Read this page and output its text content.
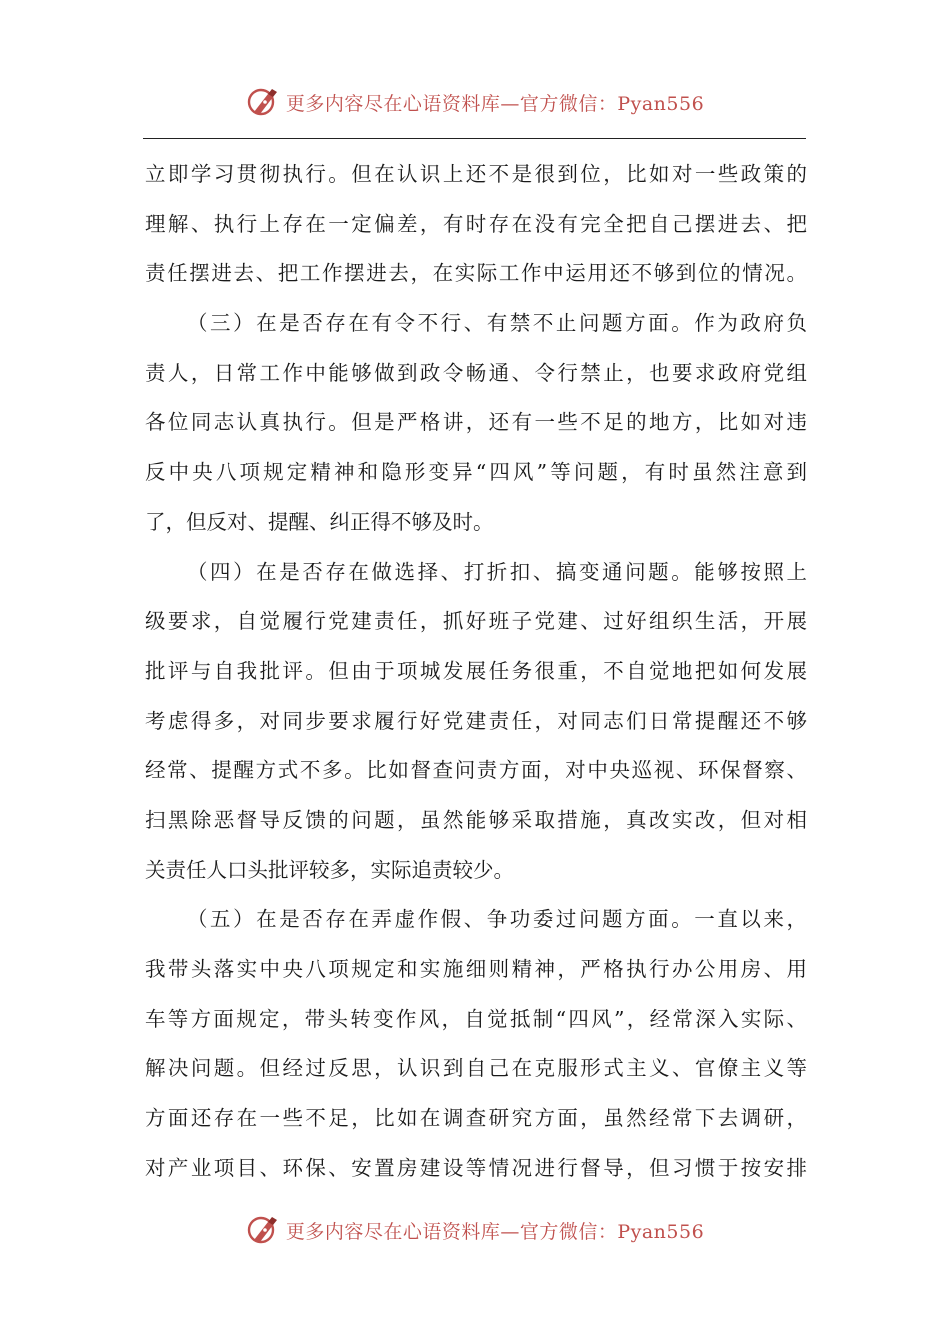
更多内容尽在心语资料库—官方微信：Pyan556
立即学习贯彻执行。但在认识上还不是很到位，比如对一些政策的
理解、执行上存在一定偏差，有时存在没有完全把自己摆进去、把
责任摆进去、把工作摆进去，在实际工作中运用还不够到位的情况。
（三）在是否存在有令不行、有禁不止问题方面。作为政府负
责人，日常工作中能够做到政令畅通、令行禁止，也要求政府党组
各位同志认真执行。但是严格讲，还有一些不足的地方，比如对违
反中央八项规定精神和隐形变异“四风”等问题，有时虽然注意到
了，但反对、提醒、纠正得不够及时。
（四）在是否存在做选择、打折扣、搞变通问题。能够按照上
级要求，自觉履行党建责任，抓好班子党建、过好组织生活，开展
批评与自我批评。但由于项城发展任务很重，不自觉地把如何发展
考虑得多，对同步要求履行好党建责任，对同志们日常提醒还不够
经常、提醒方式不多。比如督查问责方面，对中央巡视、环保督察、
扫黑除恶督导反馈的问题，虽然能够采取措施，真改实改，但对相
关责任人口头批评较多，实际追责较少。
（五）在是否存在弄虚作假、争功委过问题方面。一直以来，
我带头落实中央八项规定和实施细则精神，严格执行办公用房、用
车等方面规定，带头转变作风，自觉抵制“四风”，经常深入实际、
解决问题。但经过反思，认识到自己在克服形式主义、官僚主义等
方面还存在一些不足，比如在调查研究方面，虽然经常下去调研，
对产业项目、环保、安置房建设等情况进行督导，但习惯于按安排
更多内容尽在心语资料库—官方微信：Pyan556
